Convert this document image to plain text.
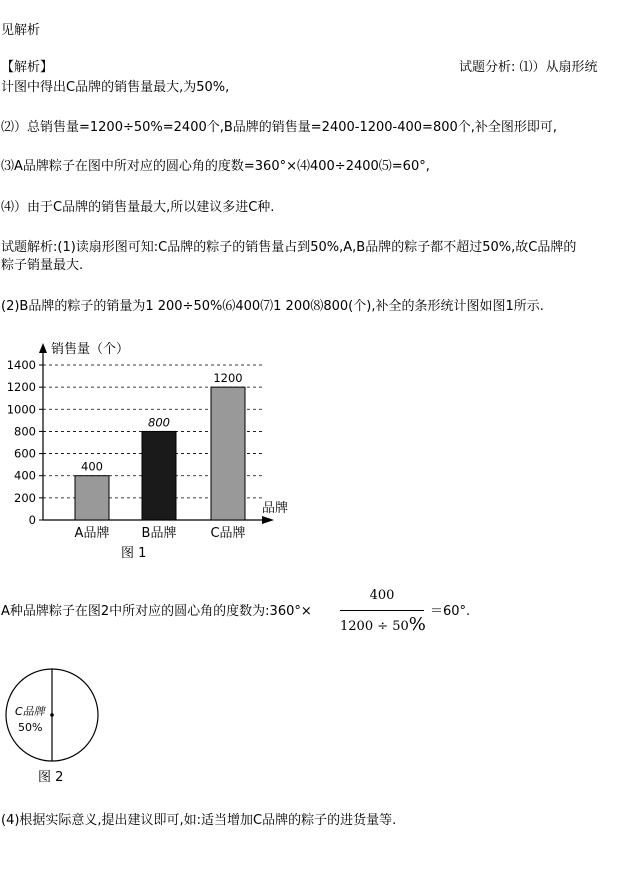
见解析
【解析】	试题分析: ⑴）从扇形统
计图中得出C品牌的销售量最大,为50%,
⑵）总销售量=1200÷50%=2400个,B品牌的销售量=2400-1200-400=800个,补全图形即可,
⑶A品牌粽子在图中所对应的圆心角的度数=360°×⑷400÷2400⑸=60°,
⑷）由于C品牌的销售量最大,所以建议多进C种.
试题解析:(1)读扇形图可知:C品牌的粽子的销售量占到50%,A,B品牌的粽子都不超过50%,故C品牌的
粽子销量最大.
(2)B品牌的粽子的销量为1 200÷50%⑹400⑺1 200⑻800(个),补全的条形统计图如图1所示.
0
200
400
600
800
1000
1200
1400
销售量（个）
品牌
400
A品牌
800
B品牌
1200
C品牌
图 1
A种品牌粽子在图2中所对应的圆心角的度数为:360°×
400
1200 ÷ 50%
＝60°.
C品牌
50%
图 2
(4)根据实际意义,提出建议即可,如:适当增加C品牌的粽子的进货量等.
